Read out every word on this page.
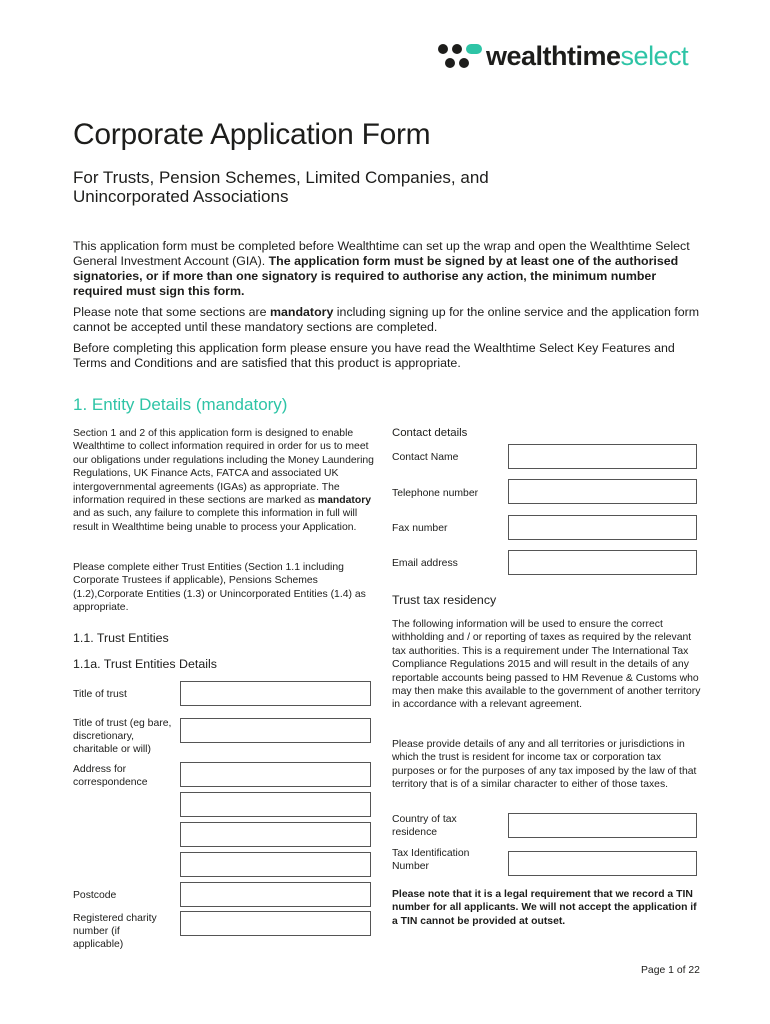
wealthtimeselect
Corporate Application Form
For Trusts, Pension Schemes, Limited Companies, and Unincorporated Associations
This application form must be completed before Wealthtime can set up the wrap and open the Wealthtime Select General Investment Account (GIA). The application form must be signed by at least one of the authorised signatories, or if more than one signatory is required to authorise any action, the minimum number required must sign this form.
Please note that some sections are mandatory including signing up for the online service and the application form cannot be accepted until these mandatory sections are completed.
Before completing this application form please ensure you have read the Wealthtime Select Key Features and Terms and Conditions and are satisfied that this product is appropriate.
1. Entity Details (mandatory)
Section 1 and 2 of this application form is designed to enable Wealthtime to collect information required in order for us to meet our obligations under regulations including the Money Laundering Regulations, UK Finance Acts, FATCA and associated UK intergovernmental agreements (IGAs) as appropriate. The information required in these sections are marked as mandatory and as such, any failure to complete this information in full will result in Wealthtime being unable to process your Application.
Please complete either Trust Entities (Section 1.1 including Corporate Trustees if applicable), Pensions Schemes (1.2),Corporate Entities (1.3) or Unincorporated Entities (1.4) as appropriate.
1.1. Trust Entities
1.1a. Trust Entities Details
Title of trust
Title of trust (eg bare, discretionary, charitable or will)
Address for correspondence
Postcode
Registered charity number (if applicable)
Contact details
Contact Name
Telephone number
Fax number
Email address
Trust tax residency
The following information will be used to ensure the correct withholding and / or reporting of taxes as required by the relevant tax authorities. This is a requirement under The International Tax Compliance Regulations 2015 and will result in the details of any reportable accounts being passed to HM Revenue & Customs who may then make this available to the government of another territory in accordance with a relevant agreement.
Please provide details of any and all territories or jurisdictions in which the trust is resident for income tax or corporation tax purposes or for the purposes of any tax imposed by the law of that territory that is of a similar character to either of those taxes.
Country of tax residence
Tax Identification Number
Please note that it is a legal requirement that we record a TIN number for all applicants. We will not accept the application if a TIN cannot be provided at outset.
Page 1 of 22
